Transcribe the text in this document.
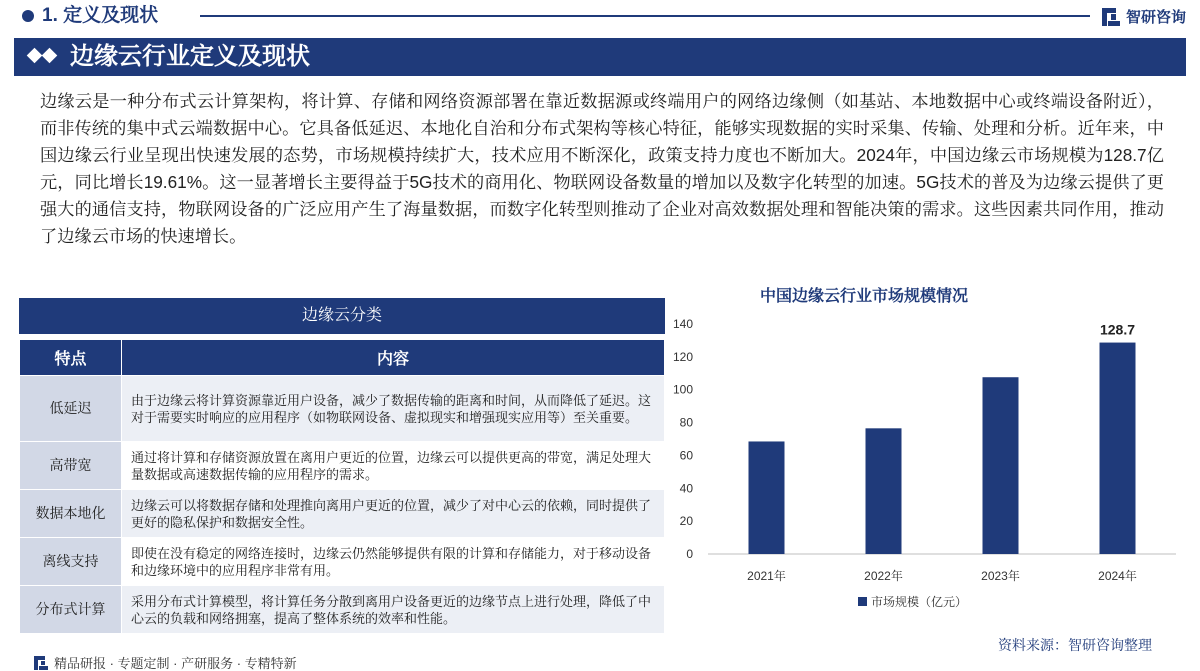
1. 定义及现状	智研咨询
边缘云行业定义及现状

边缘云是一种分布式云计算架构，将计算、存储和网络资源部署在靠近数据源或终端用户的网络边缘侧（如基站、本地数据中心或终端设备附近），而非传统的集中式云端数据中心。它具备低延迟、本地化自治和分布式架构等核心特征，能够实现数据的实时采集、传输、处理和分析。近年来，中国边缘云行业呈现出快速发展的态势，市场规模持续扩大，技术应用不断深化，政策支持力度也不断加大。2024年，中国边缘云市场规模为128.7亿元，同比增长19.61%。这一显著增长主要得益于5G技术的商用化、物联网设备数量的增加以及数字化转型的加速。5G技术的普及为边缘云提供了更强大的通信支持，物联网设备的广泛应用产生了海量数据，而数字化转型则推动了企业对高效数据处理和智能决策的需求。这些因素共同作用，推动了边缘云市场的快速增长。

边缘云分类
特点	内容
低延迟	由于边缘云将计算资源靠近用户设备，减少了数据传输的距离和时间，从而降低了延迟。这对于需要实时响应的应用程序（如物联网设备、虚拟现实和增强现实应用等）至关重要。
高带宽	通过将计算和存储资源放置在离用户更近的位置，边缘云可以提供更高的带宽，满足处理大量数据或高速数据传输的应用程序的需求。
数据本地化	边缘云可以将数据存储和处理推向离用户更近的位置，减少了对中心云的依赖，同时提供了更好的隐私保护和数据安全性。
离线支持	即使在没有稳定的网络连接时，边缘云仍然能够提供有限的计算和存储能力，对于移动设备和边缘环境中的应用程序非常有用。
分布式计算	采用分布式计算模型，将计算任务分散到离用户设备更近的边缘节点上进行处理，降低了中心云的负载和网络拥塞，提高了整体系统的效率和性能。
中国边缘云行业市场规模情况
0
20
40
60
80
100
120
140
2021年	2022年	2023年	2024年
128.7
市场规模（亿元）
资料来源：智研咨询整理
精品研报 · 专题定制 · 产研服务 · 专精特新
